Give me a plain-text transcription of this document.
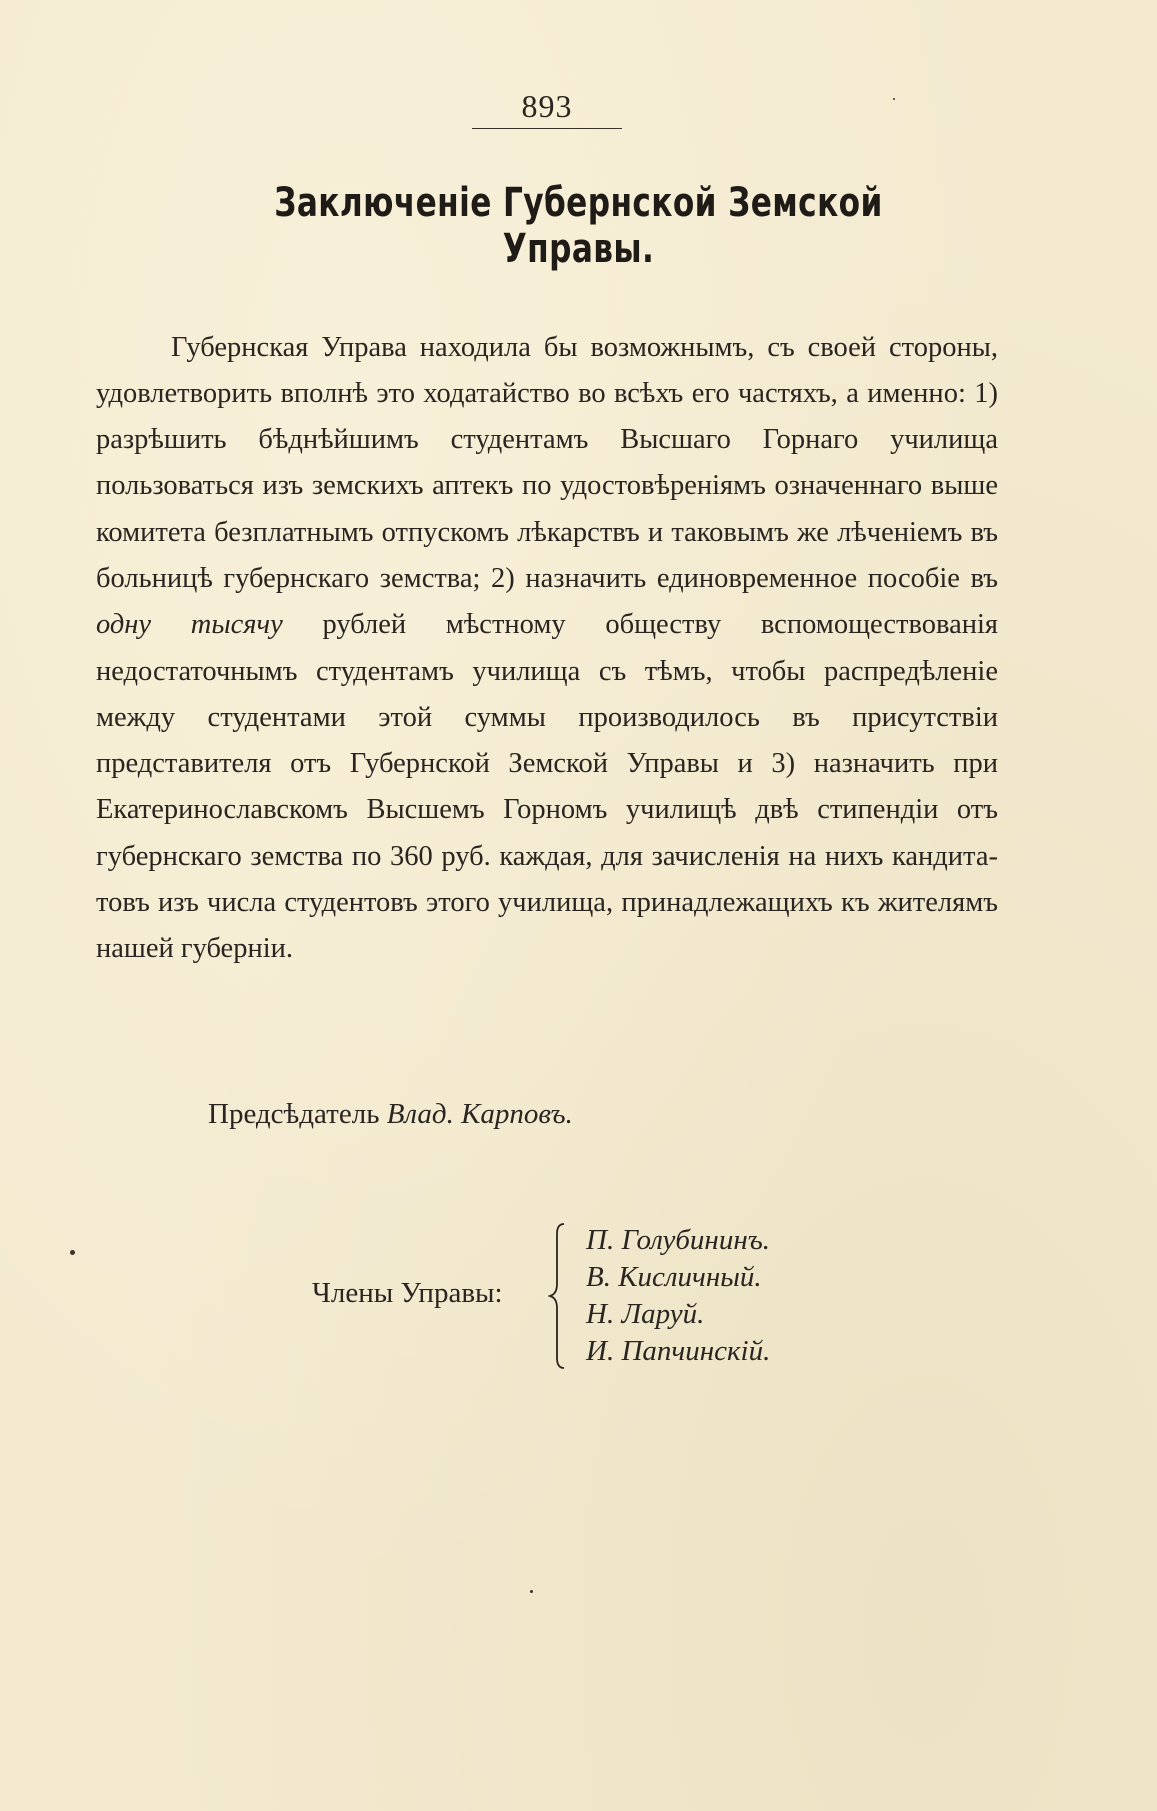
893
Заключеніе Губернской Земской Управы.

Губернская Управа находила бы возможнымъ, съ своей стороны, удовлетворить вполнѣ это ходатайство во всѣхъ его частяхъ, а именно: 1) разрѣшить бѣднѣйшимъ студентамъ Высшаго Горнаго училища пользоваться изъ земскихъ аптекъ по удостовѣреніямъ означеннаго выше комитета безплатнымъ отпускомъ лѣкарствъ и таковымъ же лѣченіемъ въ больницѣ губернскаго земства; 2) назначить единовременное пособіе въ одну тысячу рублей мѣстному обществу вспомоществованія недостаточнымъ студентамъ училища съ тѣмъ, чтобы распредѣленіе между студентами этой суммы производилось въ присутствіи представителя отъ Губернской Земской Управы и 3) назначить при Екатеринославскомъ Высшемъ Горномъ училищѣ двѣ стипендіи отъ губернскаго земства по 360 руб. каждая, для зачисленія на нихъ кандитатовъ изъ числа студентовъ этого училища, принадлежащихъ къ жителямъ нашей губерніи.

Предсѣдатель Влад. Карповъ.
Члены Управы:
П. Голубининъ.
В. Кисличный.
Н. Ларуй.
И. Папчинскій.
